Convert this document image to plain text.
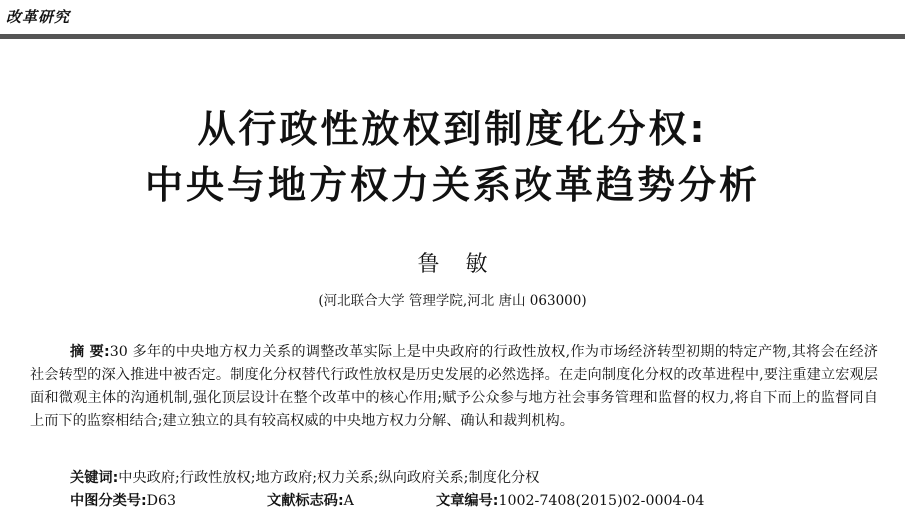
改革研究
从行政性放权到制度化分权:
中央与地方权力关系改革趋势分析
鲁敏
(河北联合大学 管理学院,河北 唐山 063000)

摘 要:30 多年的中央地方权力关系的调整改革实际上是中央政府的行政性放权,作为市场经济转型初期的特定产物,其将会在经济社会转型的深入推进中被否定。制度化分权替代行政性放权是历史发展的必然选择。在走向制度化分权的改革进程中,要注重建立宏观层面和微观主体的沟通机制,强化顶层设计在整个改革中的核心作用;赋予公众参与地方社会事务管理和监督的权力,将自下而上的监督同自上而下的监察相结合;建立独立的具有较高权威的中央地方权力分解、确认和裁判机构。

关键词:中央政府;行政性放权;地方政府;权力关系;纵向政府关系;制度化分权
中图分类号:D63	文献标志码:A	文章编号:1002-7408(2015)02-0004-04
